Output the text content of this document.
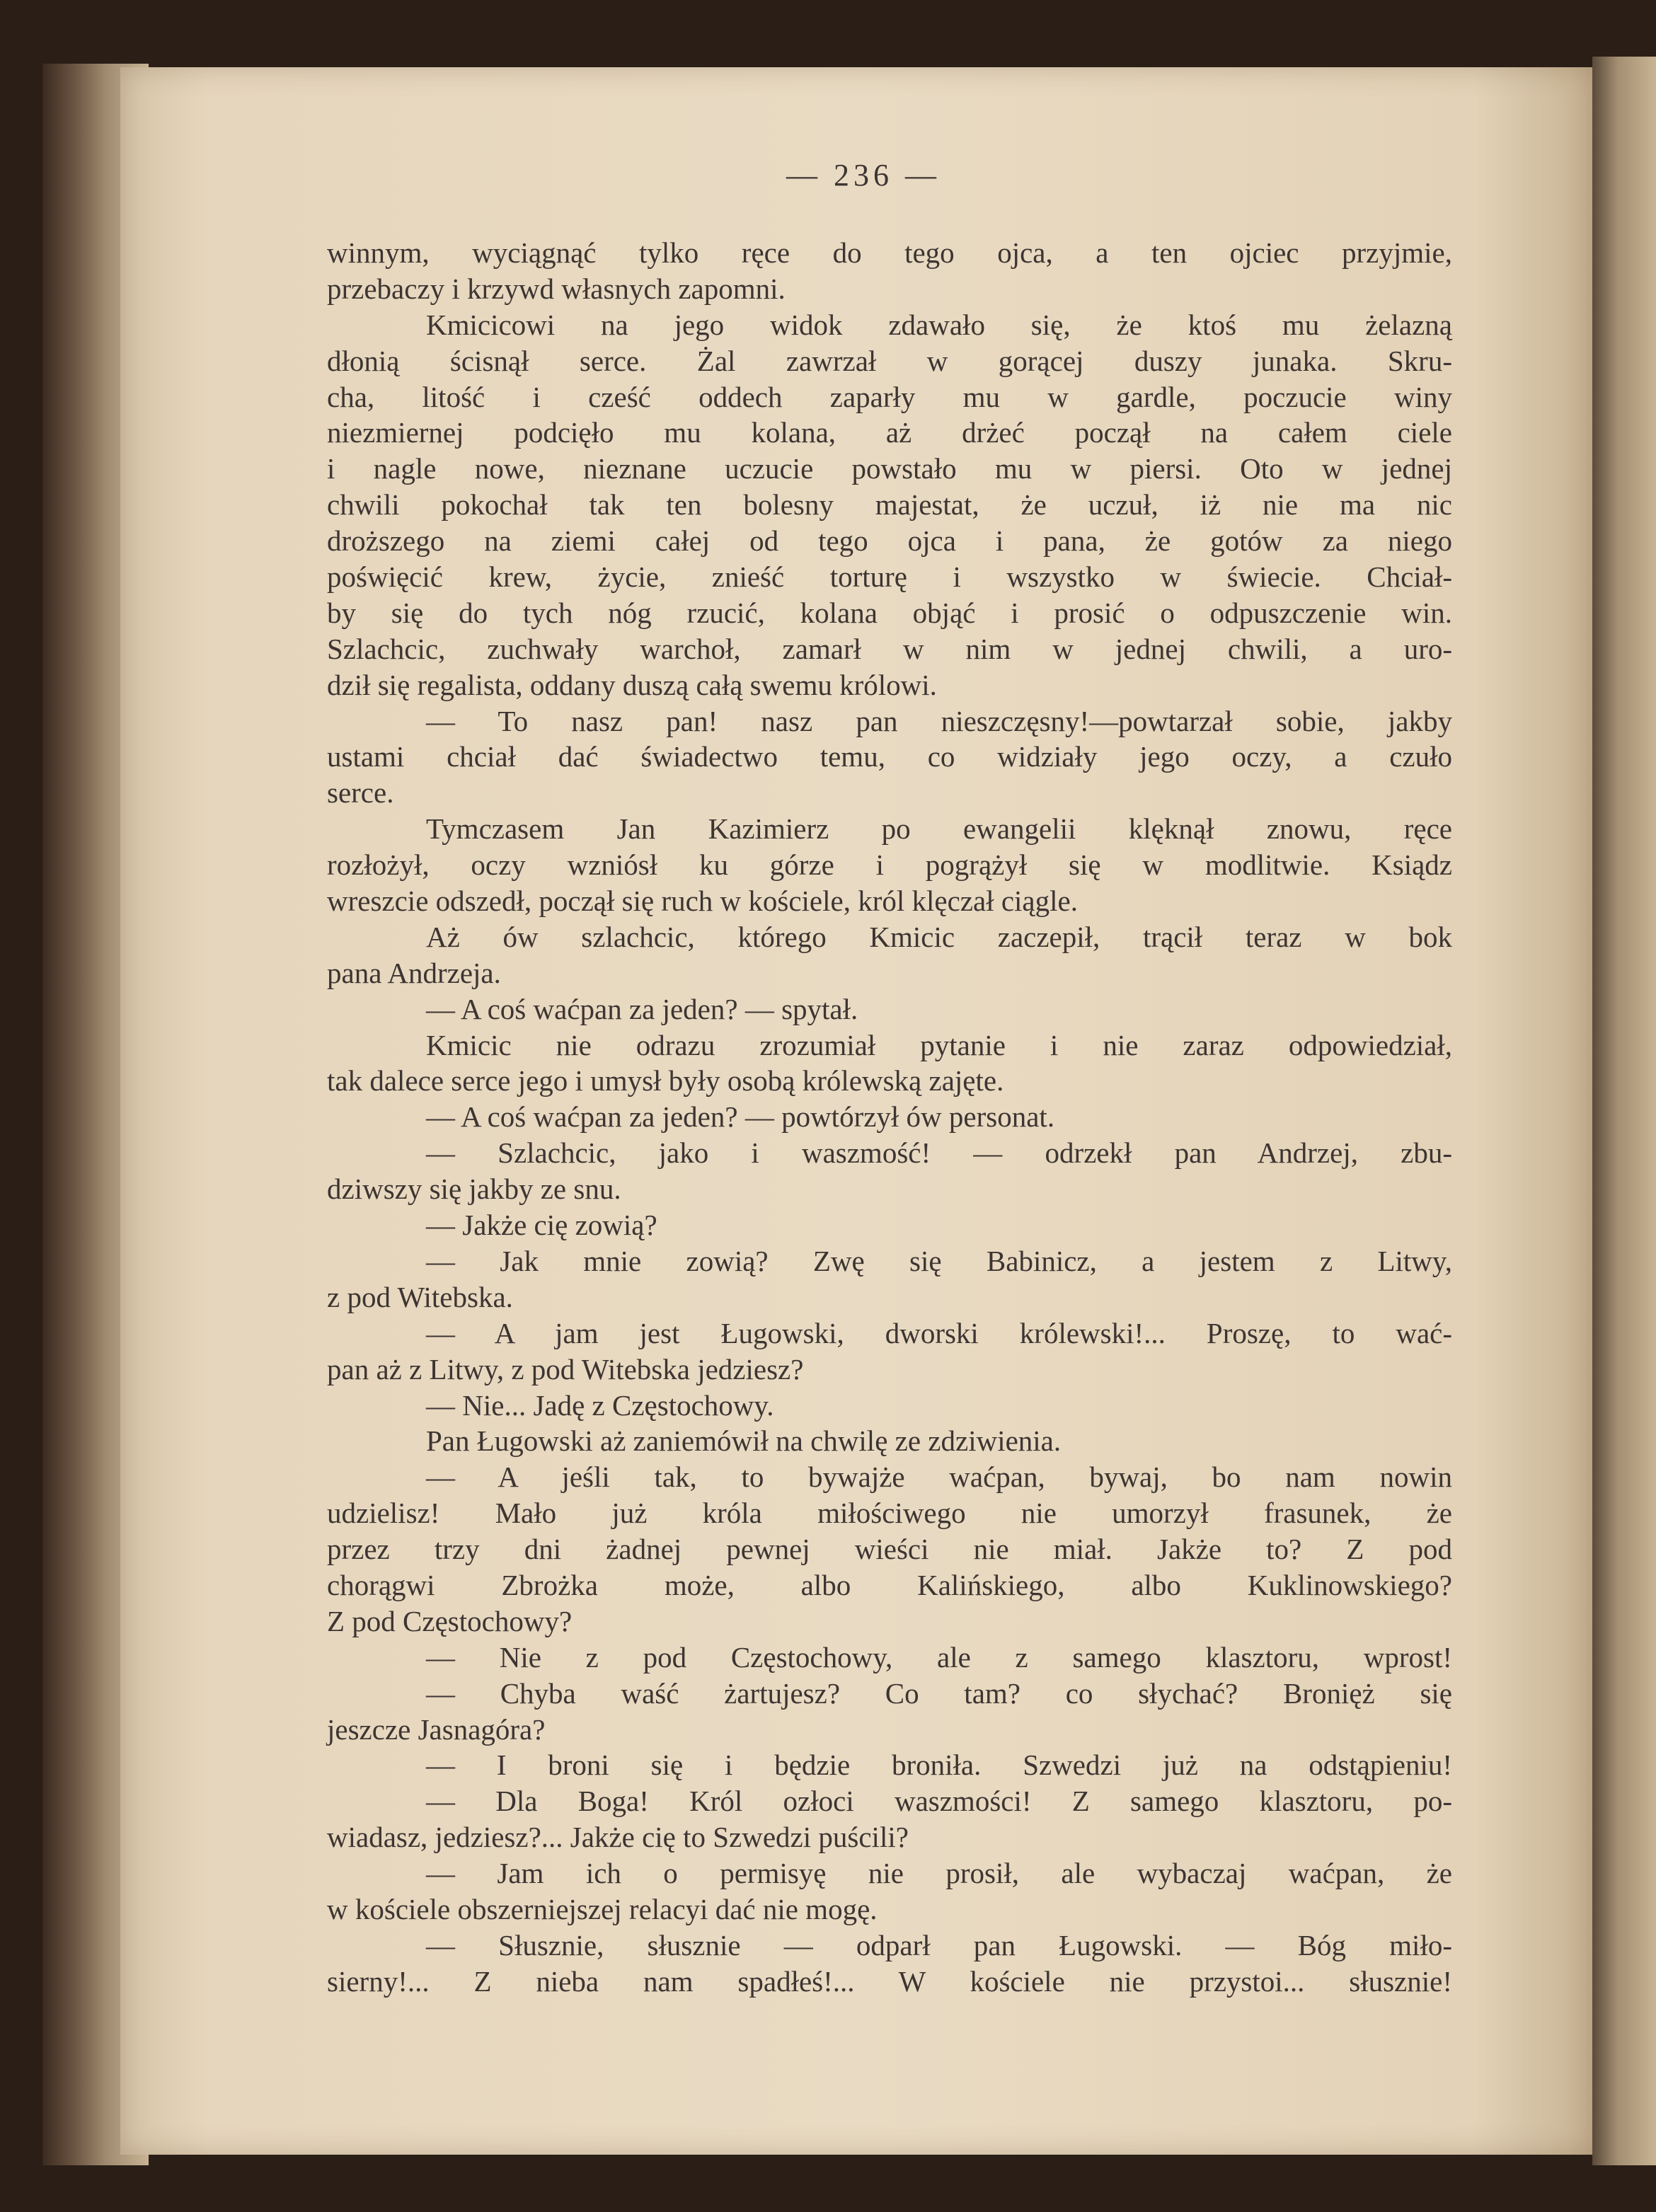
— 236 —
winnym, wyciągnąć tylko ręce do tego ojca, a ten ojciec przyjmie,
przebaczy i krzywd własnych zapomni.
Kmicicowi na jego widok zdawało się, że ktoś mu żelazną
dłonią ścisnął serce. Żal zawrzał w gorącej duszy junaka. Skru-
cha, litość i cześć oddech zaparły mu w gardle, poczucie winy
niezmiernej podcięło mu kolana, aż drżeć począł na całem ciele
i nagle nowe, nieznane uczucie powstało mu w piersi. Oto w jednej
chwili pokochał tak ten bolesny majestat, że uczuł, iż nie ma nic
droższego na ziemi całej od tego ojca i pana, że gotów za niego
poświęcić krew, życie, znieść torturę i wszystko w świecie. Chciał-
by się do tych nóg rzucić, kolana objąć i prosić o odpuszczenie win.
Szlachcic, zuchwały warchoł, zamarł w nim w jednej chwili, a uro-
dził się regalista, oddany duszą całą swemu królowi.
— To nasz pan! nasz pan nieszczęsny!—powtarzał sobie, jakby
ustami chciał dać świadectwo temu, co widziały jego oczy, a czuło
serce.
Tymczasem Jan Kazimierz po ewangelii klęknął znowu, ręce
rozłożył, oczy wzniósł ku górze i pogrążył się w modlitwie. Ksiądz
wreszcie odszedł, począł się ruch w kościele, król klęczał ciągle.
Aż ów szlachcic, którego Kmicic zaczepił, trącił teraz w bok
pana Andrzeja.
— A coś waćpan za jeden? — spytał.
Kmicic nie odrazu zrozumiał pytanie i nie zaraz odpowiedział,
tak dalece serce jego i umysł były osobą królewską zajęte.
— A coś waćpan za jeden? — powtórzył ów personat.
— Szlachcic, jako i waszmość! — odrzekł pan Andrzej, zbu-
dziwszy się jakby ze snu.
— Jakże cię zowią?
— Jak mnie zowią? Zwę się Babinicz, a jestem z Litwy,
z pod Witebska.
— A jam jest Ługowski, dworski królewski!... Proszę, to wać-
pan aż z Litwy, z pod Witebska jedziesz?
— Nie... Jadę z Częstochowy.
Pan Ługowski aż zaniemówił na chwilę ze zdziwienia.
— A jeśli tak, to bywajże waćpan, bywaj, bo nam nowin
udzielisz! Mało już króla miłościwego nie umorzył frasunek, że
przez trzy dni żadnej pewnej wieści nie miał. Jakże to? Z pod
chorągwi Zbrożka może, albo Kalińskiego, albo Kuklinowskiego?
Z pod Częstochowy?
— Nie z pod Częstochowy, ale z samego klasztoru, wprost!
— Chyba waść żartujesz? Co tam? co słychać? Bronięż się
jeszcze Jasnagóra?
— I broni się i będzie broniła. Szwedzi już na odstąpieniu!
— Dla Boga! Król ozłoci waszmości! Z samego klasztoru, po-
wiadasz, jedziesz?... Jakże cię to Szwedzi puścili?
— Jam ich o permisyę nie prosił, ale wybaczaj waćpan, że
w kościele obszerniejszej relacyi dać nie mogę.
— Słusznie, słusznie — odparł pan Ługowski. — Bóg miło-
sierny!... Z nieba nam spadłeś!... W kościele nie przystoi... słusznie!
